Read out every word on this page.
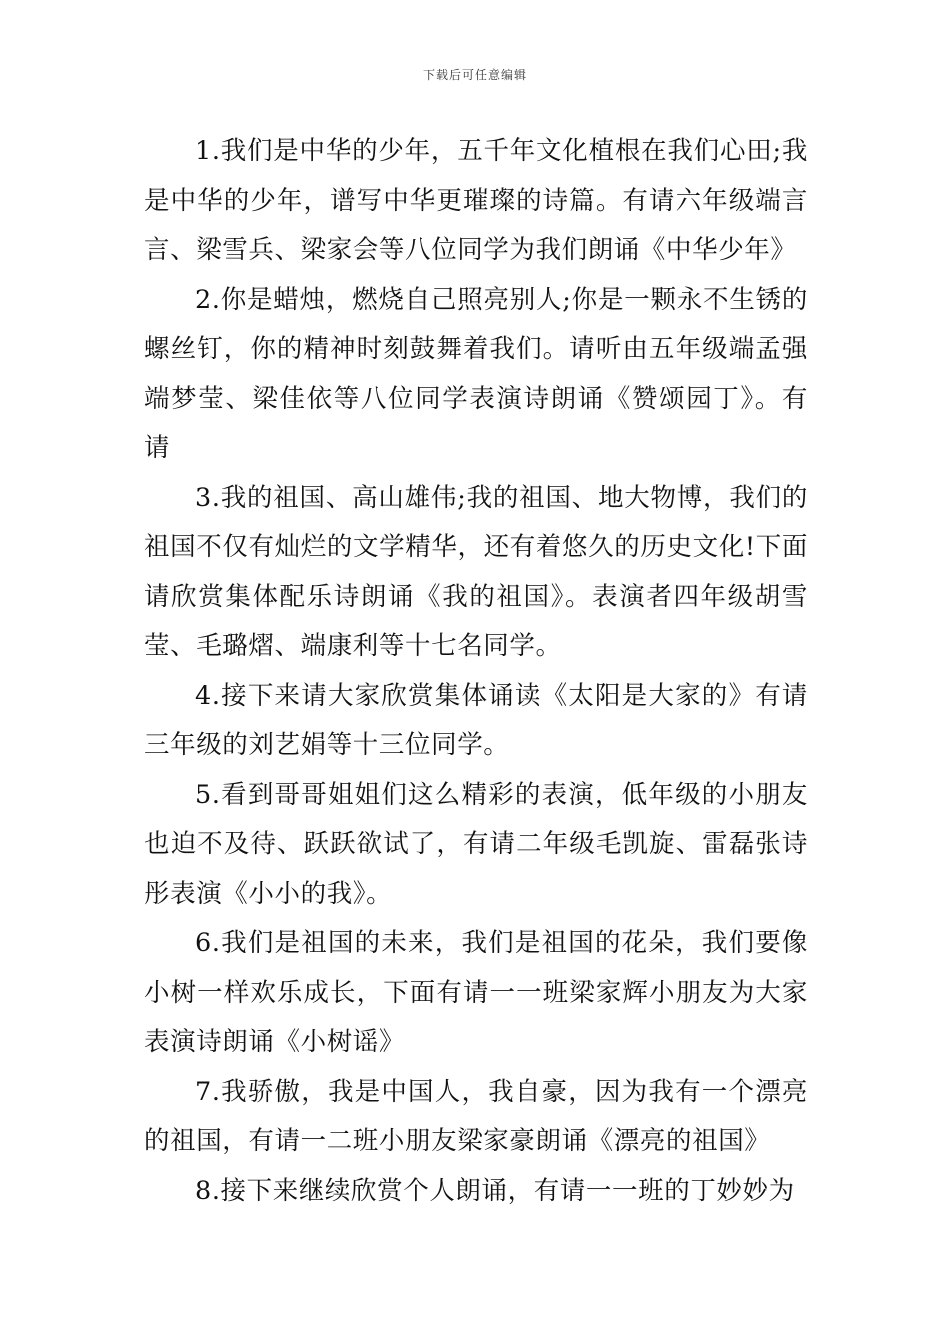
下载后可任意编辑

1.我们是中华的少年，五千年文化植根在我们心田;我是中华的少年，谱写中华更璀璨的诗篇。有请六年级端言言、梁雪兵、梁家会等八位同学为我们朗诵《中华少年》

2.你是蜡烛，燃烧自己照亮别人;你是一颗永不生锈的螺丝钉，你的精神时刻鼓舞着我们。请听由五年级端孟强端梦莹、梁佳依等八位同学表演诗朗诵《赞颂园丁》。有请

3.我的祖国、高山雄伟;我的祖国、地大物博，我们的祖国不仅有灿烂的文学精华，还有着悠久的历史文化!下面请欣赏集体配乐诗朗诵《我的祖国》。表演者四年级胡雪莹、毛璐熠、端康利等十七名同学。

4.接下来请大家欣赏集体诵读《太阳是大家的》有请三年级的刘艺娟等十三位同学。

5.看到哥哥姐姐们这么精彩的表演，低年级的小朋友也迫不及待、跃跃欲试了，有请二年级毛凯旋、雷磊张诗彤表演《小小的我》。

6.我们是祖国的未来，我们是祖国的花朵，我们要像小树一样欢乐成长，下面有请一一班梁家辉小朋友为大家表演诗朗诵《小树谣》

7.我骄傲，我是中国人，我自豪，因为我有一个漂亮的祖国，有请一二班小朋友梁家豪朗诵《漂亮的祖国》

8.接下来继续欣赏个人朗诵，有请一一班的丁妙妙为
